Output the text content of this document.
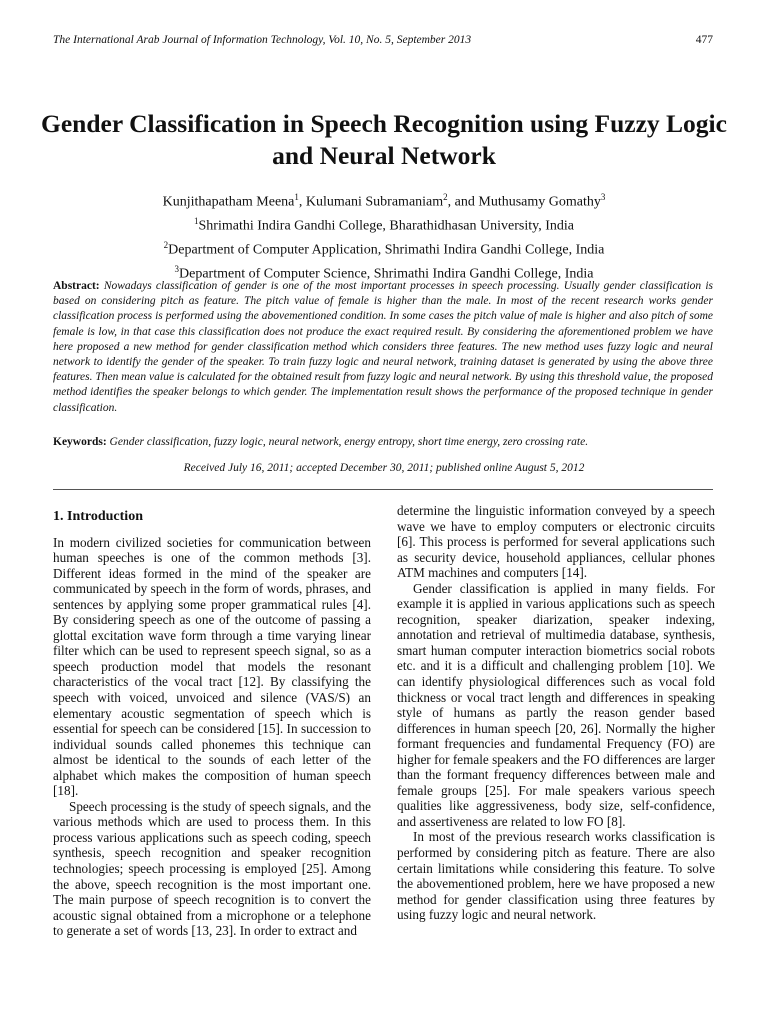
The International Arab Journal of Information Technology, Vol. 10, No. 5, September 2013	477
Gender Classification in Speech Recognition using Fuzzy Logic and Neural Network
Kunjithapatham Meena$^1$, Kulumani Subramaniam$^2$, and Muthusamy Gomathy$^3$
$^1$Shrimathi Indira Gandhi College, Bharathidhasan University, India
$^2$Department of Computer Application, Shrimathi Indira Gandhi College, India
$^3$Department of Computer Science, Shrimathi Indira Gandhi College, India
Abstract: Nowadays classification of gender is one of the most important processes in speech processing. Usually gender classification is based on considering pitch as feature. The pitch value of female is higher than the male. In most of the recent research works gender classification process is performed using the abovementioned condition. In some cases the pitch value of male is higher and also pitch of some female is low, in that case this classification does not produce the exact required result. By considering the aforementioned problem we have here proposed a new method for gender classification method which considers three features. The new method uses fuzzy logic and neural network to identify the gender of the speaker. To train fuzzy logic and neural network, training dataset is generated by using the above three features. Then mean value is calculated for the obtained result from fuzzy logic and neural network. By using this threshold value, the proposed method identifies the speaker belongs to which gender. The implementation result shows the performance of the proposed technique in gender classification.
Keywords: Gender classification, fuzzy logic, neural network, energy entropy, short time energy, zero crossing rate.
Received July 16, 2011; accepted December 30, 2011; published online August 5, 2012
1. Introduction

In modern civilized societies for communication between human speeches is one of the common methods [3]. Different ideas formed in the mind of the speaker are communicated by speech in the form of words, phrases, and sentences by applying some proper grammatical rules [4]. By considering speech as one of the outcome of passing a glottal excitation wave form through a time varying linear filter which can be used to represent speech signal, so as a speech production model that models the resonant characteristics of the vocal tract [12]. By classifying the speech with voiced, unvoiced and silence (VAS/S) an elementary acoustic segmentation of speech which is essential for speech can be considered [15]. In succession to individual sounds called phonemes this technique can almost be identical to the sounds of each letter of the alphabet which makes the composition of human speech [18].

Speech processing is the study of speech signals, and the various methods which are used to process them. In this process various applications such as speech coding, speech synthesis, speech recognition and speaker recognition technologies; speech processing is employed [25]. Among the above, speech recognition is the most important one. The main purpose of speech recognition is to convert the acoustic signal obtained from a microphone or a telephone to generate a set of words [13, 23]. In order to extract and

determine the linguistic information conveyed by a speech wave we have to employ computers or electronic circuits [6]. This process is performed for several applications such as security device, household appliances, cellular phones ATM machines and computers [14].

Gender classification is applied in many fields. For example it is applied in various applications such as speech recognition, speaker diarization, speaker indexing, annotation and retrieval of multimedia database, synthesis, smart human computer interaction biometrics social robots etc. and it is a difficult and challenging problem [10]. We can identify physiological differences such as vocal fold thickness or vocal tract length and differences in speaking style of humans as partly the reason gender based differences in human speech [20, 26]. Normally the higher formant frequencies and fundamental Frequency (FO) are higher for female speakers and the FO differences are larger than the formant frequency differences between male and female groups [25]. For male speakers various speech qualities like aggressiveness, body size, self-confidence, and assertiveness are related to low FO [8].

In most of the previous research works classification is performed by considering pitch as feature. There are also certain limitations while considering this feature. To solve the abovementioned problem, here we have proposed a new method for gender classification using three features by using fuzzy logic and neural network.
